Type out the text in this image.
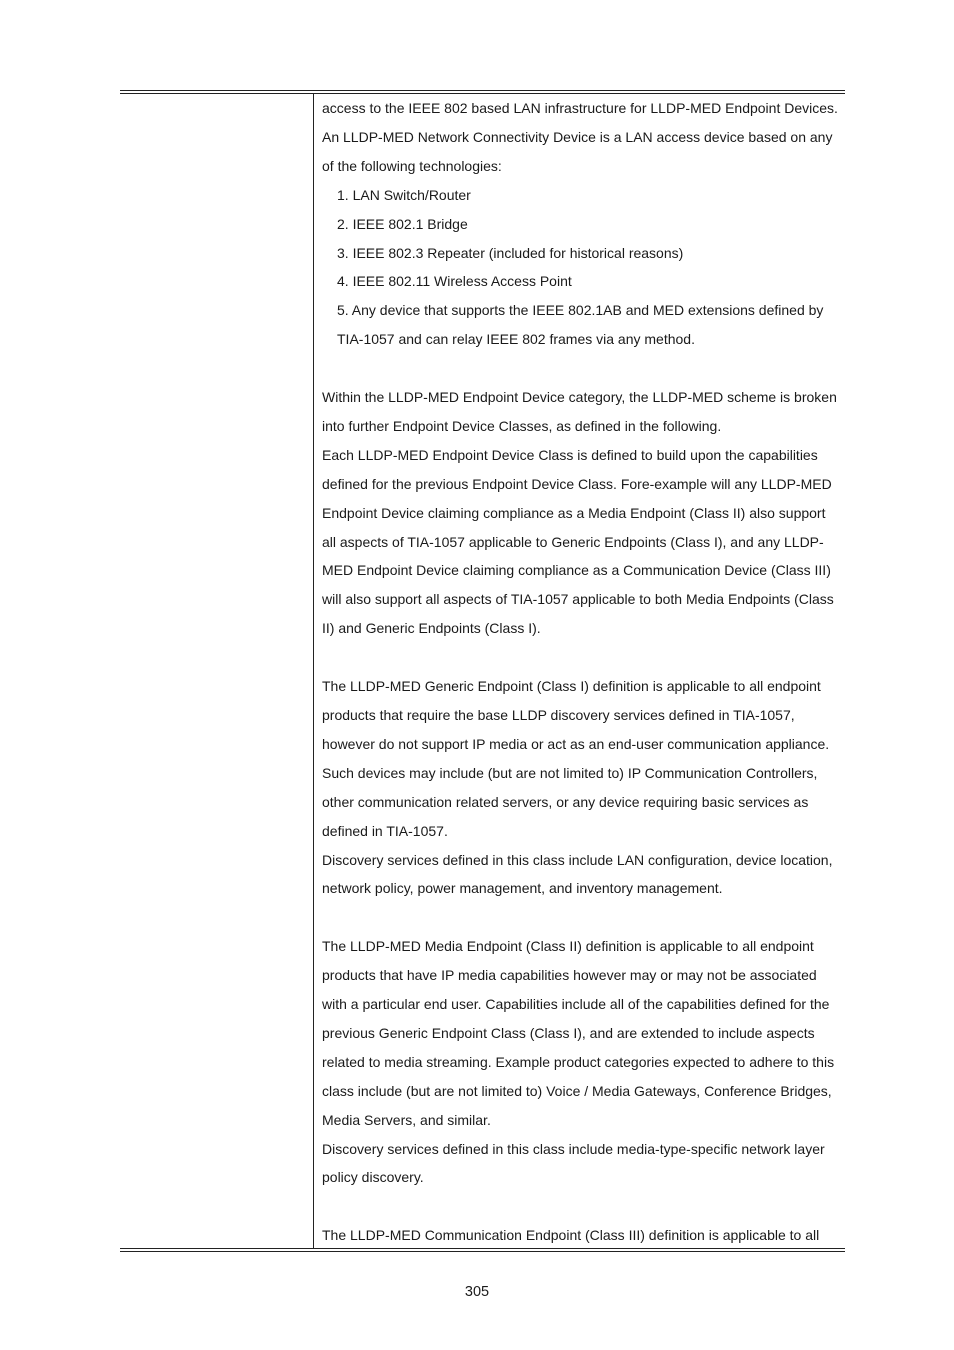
access to the IEEE 802 based LAN infrastructure for LLDP-MED Endpoint Devices. An LLDP-MED Network Connectivity Device is a LAN access device based on any of the following technologies:

1. LAN Switch/Router

2. IEEE 802.1 Bridge

3. IEEE 802.3 Repeater (included for historical reasons)

4. IEEE 802.11 Wireless Access Point

5. Any device that supports the IEEE 802.1AB and MED extensions defined by TIA-1057 and can relay IEEE 802 frames via any method.

Within the LLDP-MED Endpoint Device category, the LLDP-MED scheme is broken into further Endpoint Device Classes, as defined in the following.

Each LLDP-MED Endpoint Device Class is defined to build upon the capabilities defined for the previous Endpoint Device Class. Fore-example will any LLDP-MED Endpoint Device claiming compliance as a Media Endpoint (Class II) also support all aspects of TIA-1057 applicable to Generic Endpoints (Class I), and any LLDP-MED Endpoint Device claiming compliance as a Communication Device (Class III) will also support all aspects of TIA-1057 applicable to both Media Endpoints (Class II) and Generic Endpoints (Class I).

The LLDP-MED Generic Endpoint (Class I) definition is applicable to all endpoint products that require the base LLDP discovery services defined in TIA-1057, however do not support IP media or act as an end-user communication appliance. Such devices may include (but are not limited to) IP Communication Controllers, other communication related servers, or any device requiring basic services as defined in TIA-1057.

Discovery services defined in this class include LAN configuration, device location, network policy, power management, and inventory management.

The LLDP-MED Media Endpoint (Class II) definition is applicable to all endpoint products that have IP media capabilities however may or may not be associated with a particular end user. Capabilities include all of the capabilities defined for the previous Generic Endpoint Class (Class I), and are extended to include aspects related to media streaming. Example product categories expected to adhere to this class include (but are not limited to) Voice / Media Gateways, Conference Bridges, Media Servers, and similar.

Discovery services defined in this class include media-type-specific network layer policy discovery.

The LLDP-MED Communication Endpoint (Class III) definition is applicable to all

305
